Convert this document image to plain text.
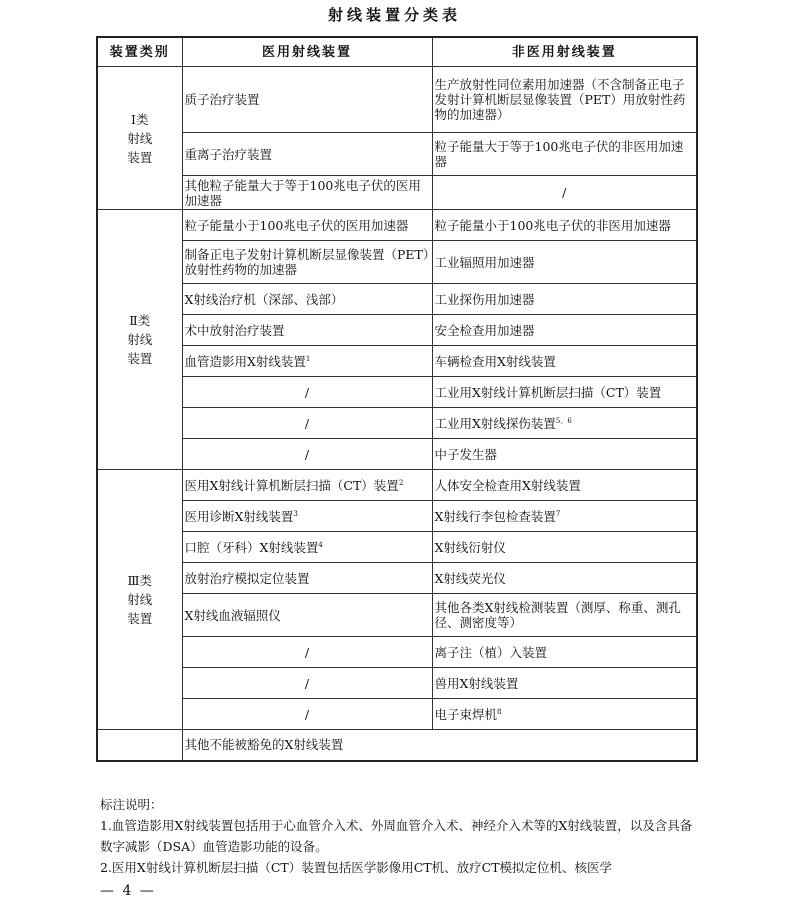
射线装置分类表
装置类别	医用射线装置	非医用射线装置

Ⅰ类
射线
装置	质子治疗装置	生产放射性同位素用加速器（不含制备正电子发射计算机断层显像装置（PET）用放射性药物的加速器）
	重离子治疗装置	粒子能量大于等于100兆电子伏的非医用加速器
	其他粒子能量大于等于100兆电子伏的医用加速器	/

Ⅱ类
射线
装置	粒子能量小于100兆电子伏的医用加速器	粒子能量小于100兆电子伏的非医用加速器
	制备正电子发射计算机断层显像装置（PET）放射性药物的加速器	工业辐照用加速器
	X射线治疗机（深部、浅部）	工业探伤用加速器
	术中放射治疗装置	安全检查用加速器
	血管造影用X射线装置$^1$	车辆检查用X射线装置
	/	工业用X射线计算机断层扫描（CT）装置
	/	工业用X射线探伤装置$^{5、6}$
	/	中子发生器

Ⅲ类
射线
装置	医用X射线计算机断层扫描（CT）装置$^2$	人体安全检查用X射线装置
	医用诊断X射线装置$^3$	X射线行李包检查装置$^7$
	口腔（牙科）X射线装置$^4$	X射线衍射仪
	放射治疗模拟定位装置	X射线荧光仪
	X射线血液辐照仪	其他各类X射线检测装置（测厚、称重、测孔径、测密度等）
	/	离子注（植）入装置
	/	兽用X射线装置
	/	电子束焊机$^8$
	其他不能被豁免的X射线装置	

标注说明：

1.血管造影用X射线装置包括用于心血管介入术、外周血管介入术、神经介入术等的X射线装置，以及含具备数字减影（DSA）血管造影功能的设备。

2.医用X射线计算机断层扫描（CT）装置包括医学影像用CT机、放疗CT模拟定位机、核医学

— 4 —
